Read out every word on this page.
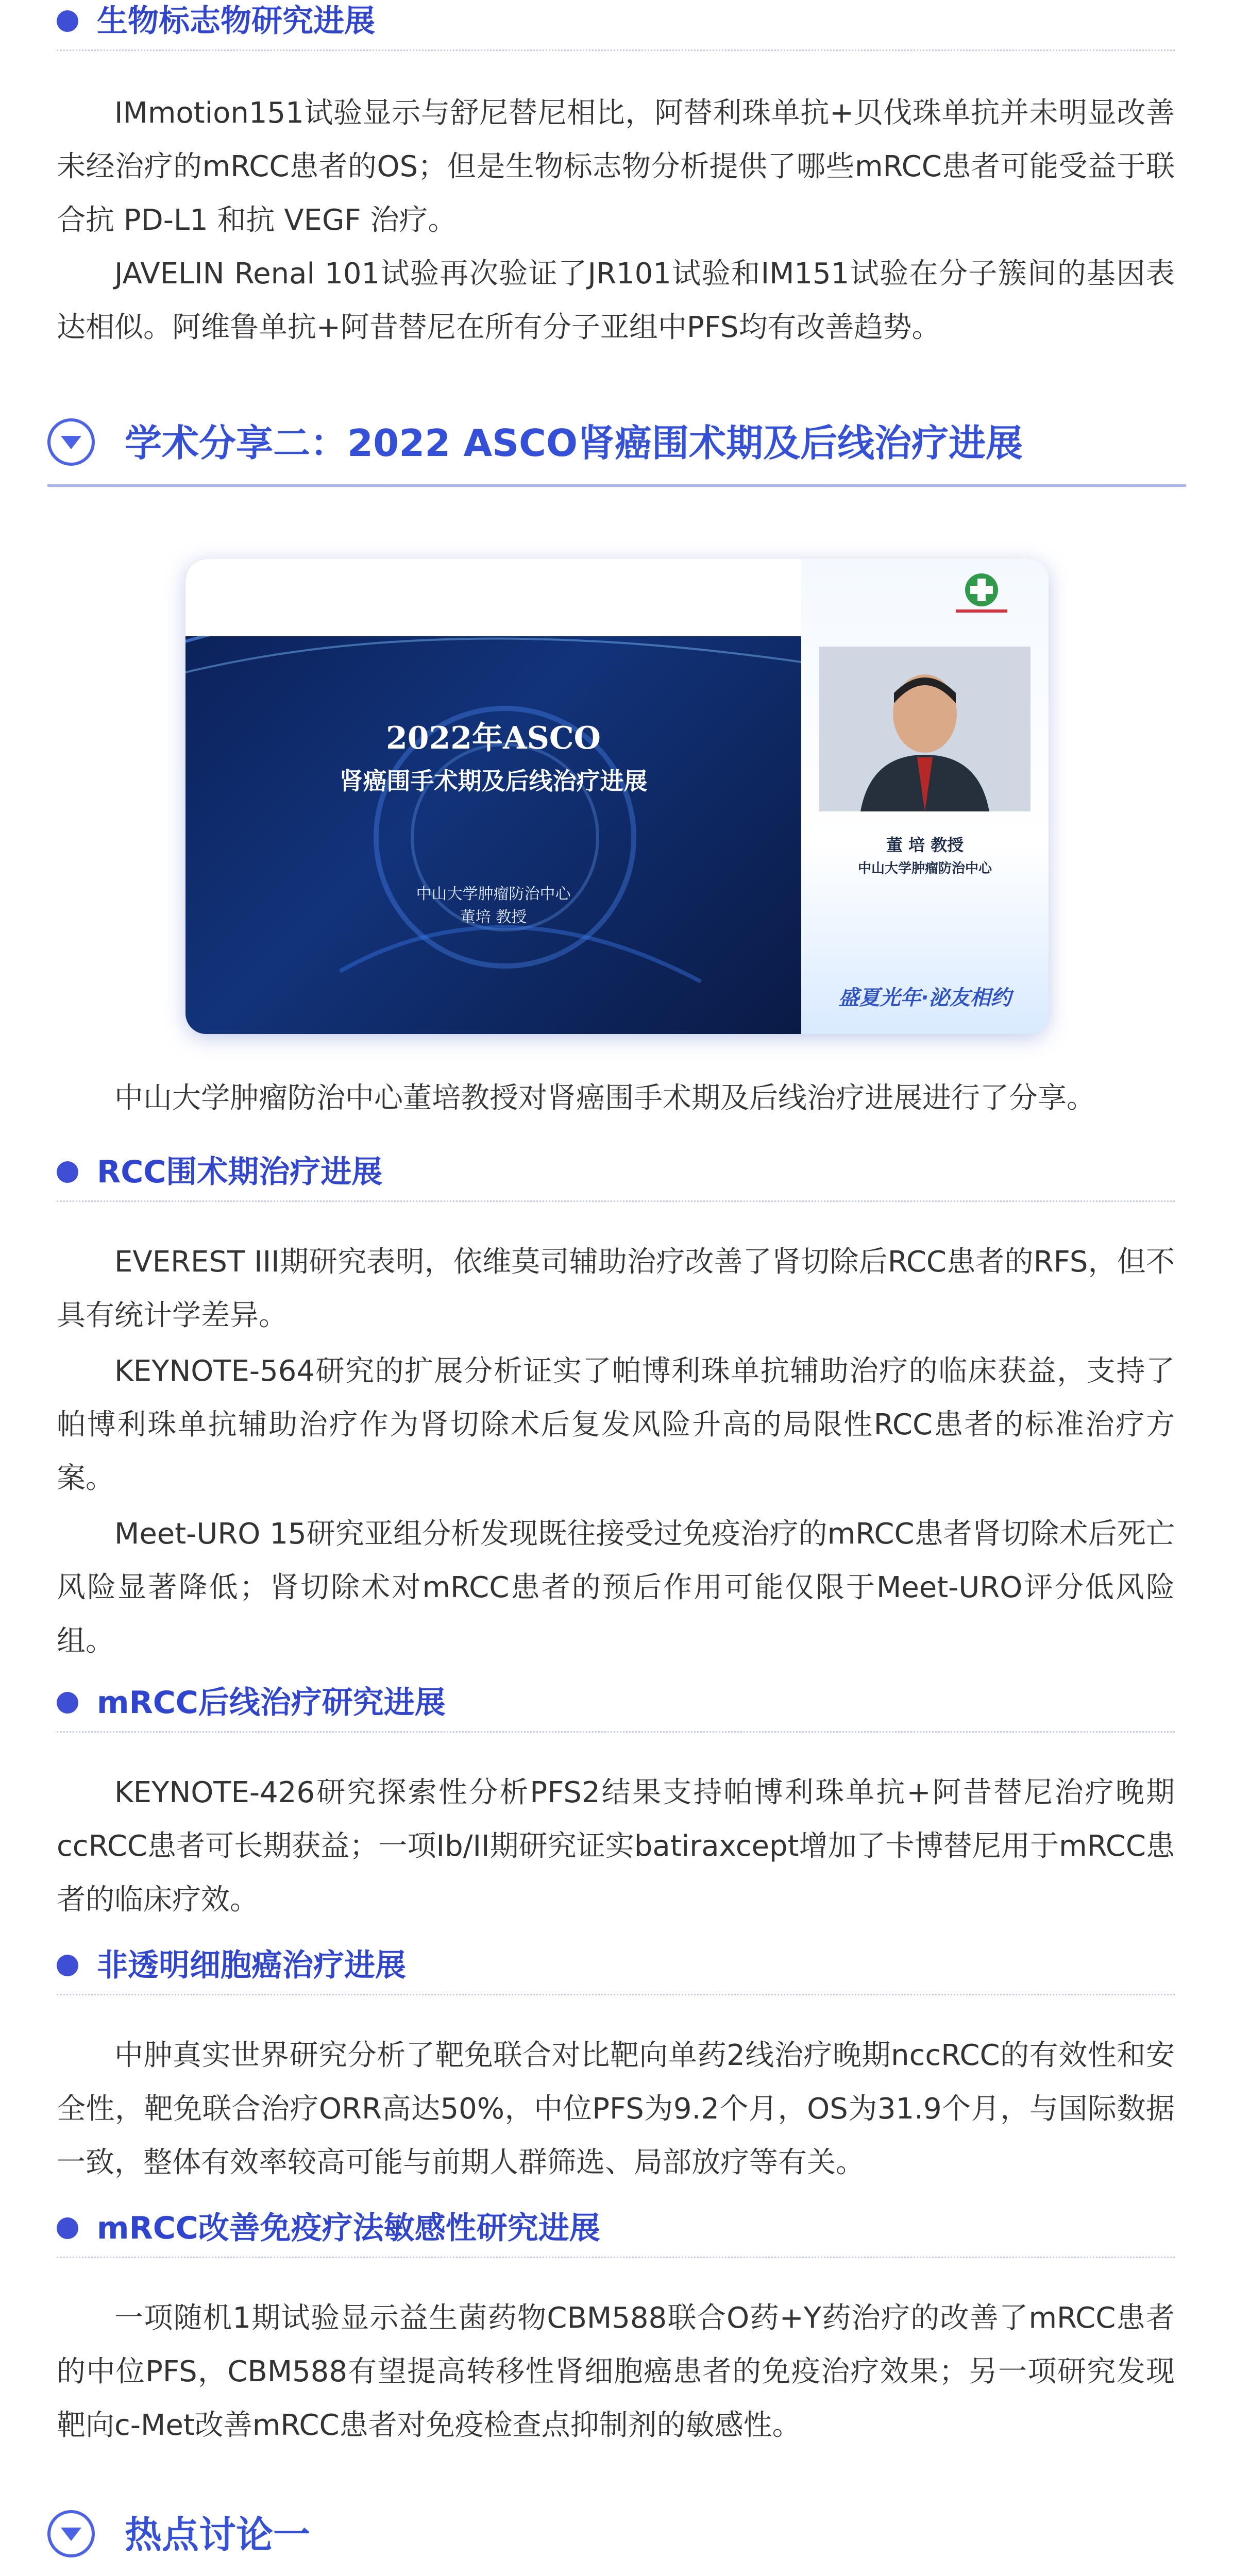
生物标志物研究进展
IMmotion151试验显示与舒尼替尼相比，阿替利珠单抗+贝伐珠单抗并未明显改善未经治疗的mRCC患者的OS；但是生物标志物分析提供了哪些mRCC患者可能受益于联合抗 PD-L1 和抗 VEGF 治疗。
JAVELIN Renal 101试验再次验证了JR101试验和IM151试验在分子簇间的基因表达相似。阿维鲁单抗+阿昔替尼在所有分子亚组中PFS均有改善趋势。
学术分享二：2022 ASCO肾癌围术期及后线治疗进展
2022年ASCO
肾癌围手术期及后线治疗进展
中山大学肿瘤防治中心
董培 教授
董 培 教授
中山大学肿瘤防治中心
盛夏光年·泌友相约
中山大学肿瘤防治中心董培教授对肾癌围手术期及后线治疗进展进行了分享。
RCC围术期治疗进展
EVEREST III期研究表明，依维莫司辅助治疗改善了肾切除后RCC患者的RFS，但不具有统计学差异。
KEYNOTE-564研究的扩展分析证实了帕博利珠单抗辅助治疗的临床获益，支持了帕博利珠单抗辅助治疗作为肾切除术后复发风险升高的局限性RCC患者的标准治疗方案。
Meet-URO 15研究亚组分析发现既往接受过免疫治疗的mRCC患者肾切除术后死亡风险显著降低；肾切除术对mRCC患者的预后作用可能仅限于Meet-URO评分低风险组。
mRCC后线治疗研究进展
KEYNOTE-426研究探索性分析PFS2结果支持帕博利珠单抗+阿昔替尼治疗晚期ccRCC患者可长期获益；一项Ib/II期研究证实batiraxcept增加了卡博替尼用于mRCC患者的临床疗效。
非透明细胞癌治疗进展
中肿真实世界研究分析了靶免联合对比靶向单药2线治疗晚期nccRCC的有效性和安全性，靶免联合治疗ORR高达50%，中位PFS为9.2个月，OS为31.9个月，与国际数据一致，整体有效率较高可能与前期人群筛选、局部放疗等有关。
mRCC改善免疫疗法敏感性研究进展
一项随机1期试验显示益生菌药物CBM588联合O药+Y药治疗的改善了mRCC患者的中位PFS，CBM588有望提高转移性肾细胞癌患者的免疫治疗效果；另一项研究发现靶向c-Met改善mRCC患者对免疫检查点抑制剂的敏感性。
热点讨论一
